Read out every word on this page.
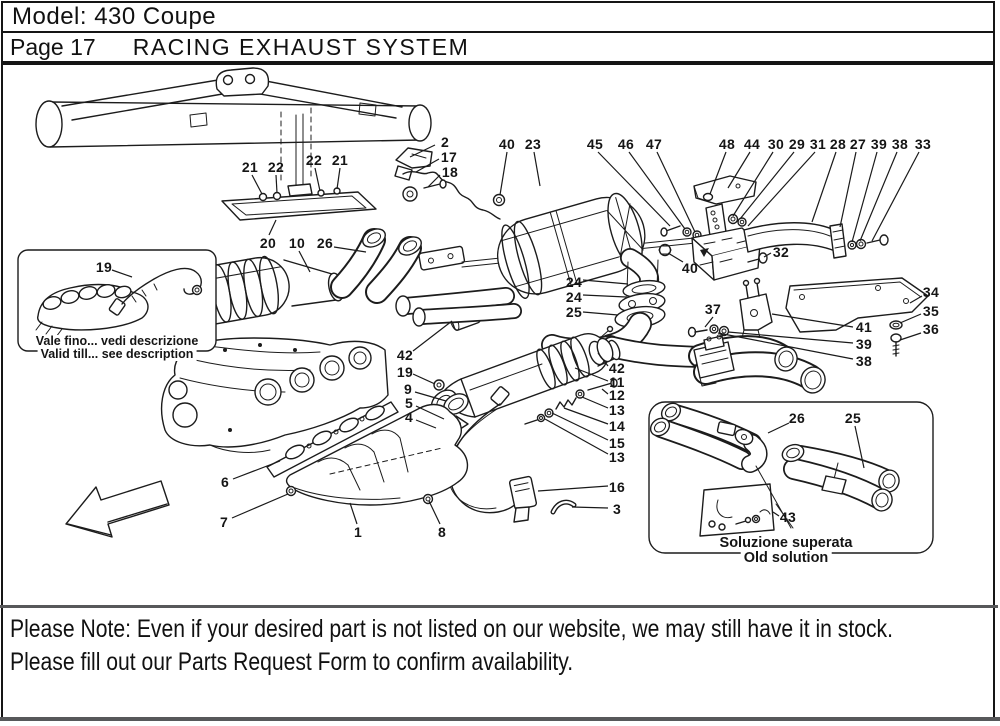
Model: 430 Coupe
Page 17	RACING EXHAUST SYSTEM
Please Note: Even if your desired part is not listed on our website, we may still have it in stock.
Please fill out our Parts Request Form to confirm availability.
Vale fino... vedi descrizione
Valid till... see description
Soluzione superata
Old solution
2
17
18
21 22 22 21
20 10 26
19
40 23	45 46 47	48 44 30 29 31 28 27 39 38 33
40
32
24
24
25
34
35
36
37
41
39
38
42
19
9
5
4
42
11
12
13
14
15
13
16
3
6
7
1	8
26	25
43
